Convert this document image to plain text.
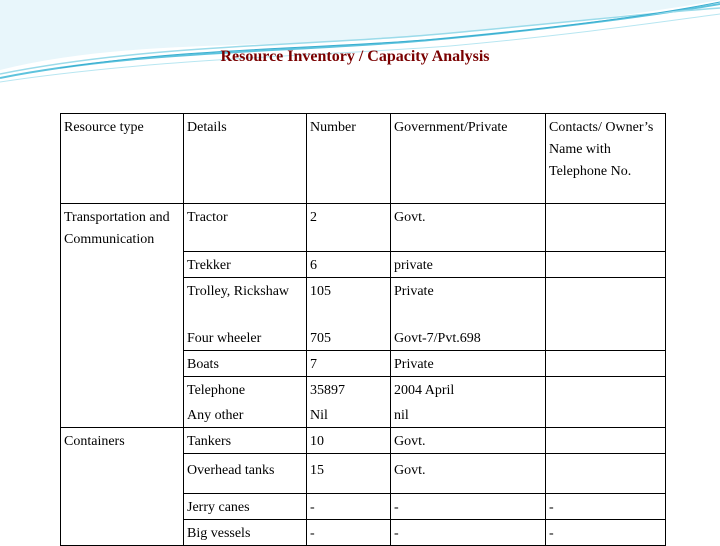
Resource Inventory / Capacity Analysis
Resource type	Details	Number	Government/Private	Contacts/ Owner’s Name with Telephone No.
Transportation and Communication	Tractor	2	Govt.	
	Trekker	6	private	
	Trolley, Rickshaw	105	Private	
	Four wheeler	705	Govt-7/Pvt.698	
	Boats	7	Private	
	Telephone	35897	2004 April	
	Any other	Nil	nil	
Containers	Tankers	10	Govt.	
	Overhead tanks	15	Govt.	
	Jerry canes	-	-	-
	Big vessels	-	-	-
